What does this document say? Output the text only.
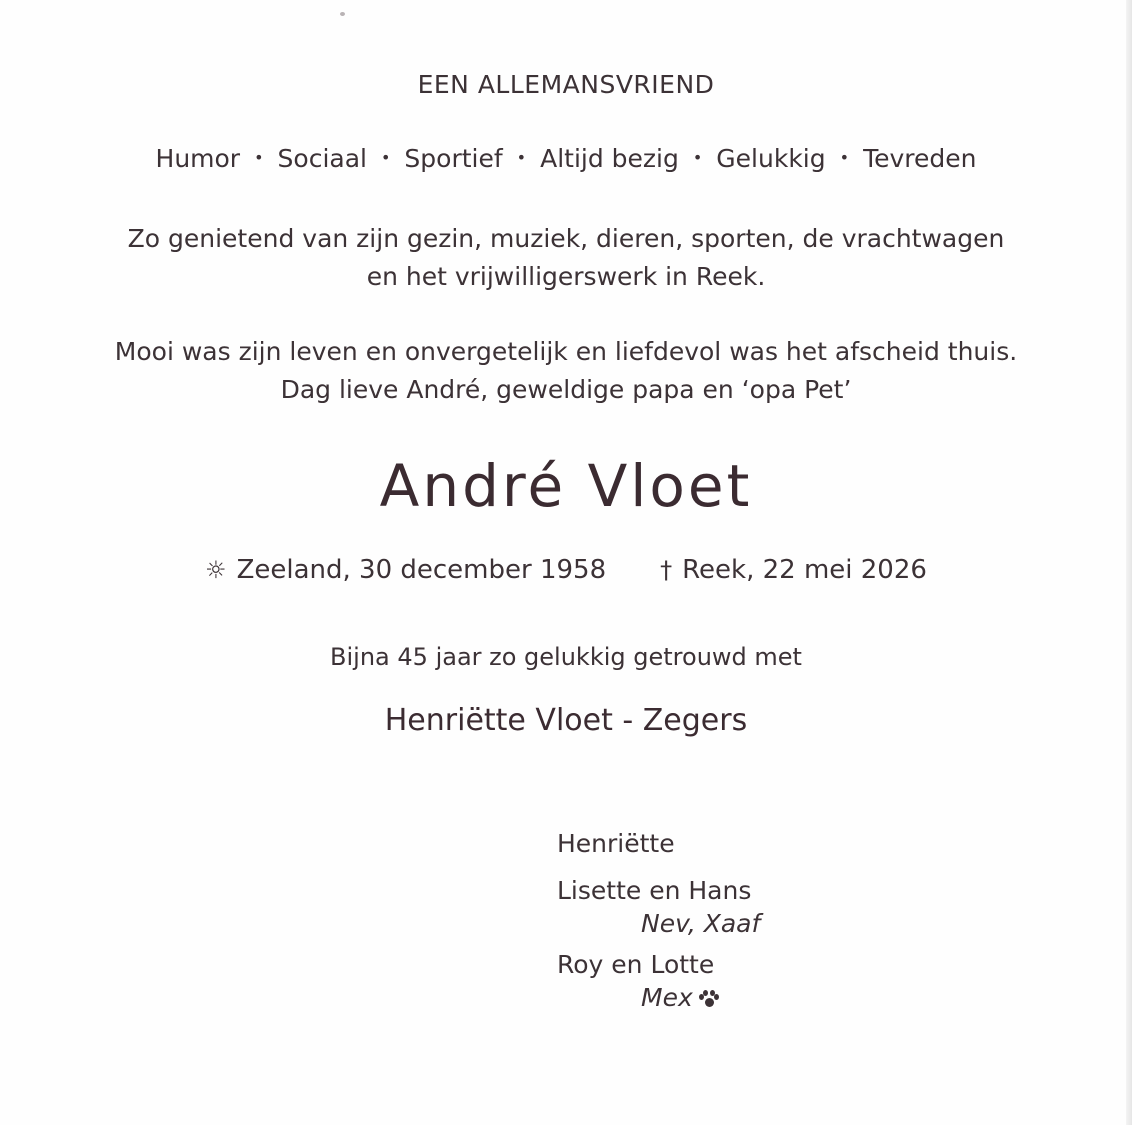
EEN ALLEMANSVRIEND
Humor • Sociaal • Sportief • Altijd bezig • Gelukkig • Tevreden
Zo genietend van zijn gezin, muziek, dieren, sporten, de vrachtwagen
en het vrijwilligerswerk in Reek.
Mooi was zijn leven en onvergetelijk en liefdevol was het afscheid thuis.
Dag lieve André, geweldige papa en ‘opa Pet’
André Vloet
☼ Zeeland, 30 december 1958 † Reek, 22 mei 2026
Bijna 45 jaar zo gelukkig getrouwd met
Henriëtte Vloet - Zegers
Henriëtte
Lisette en Hans
Nev, Xaaf
Roy en Lotte
Mex
